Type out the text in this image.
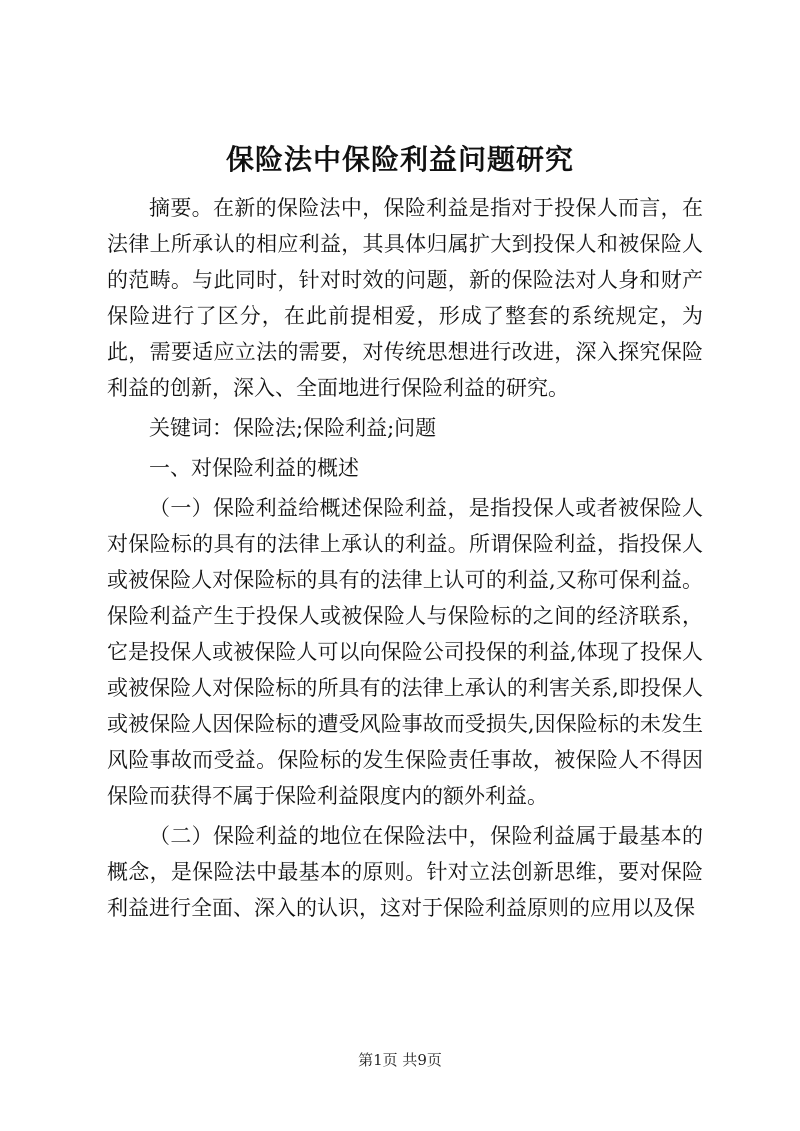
保险法中保险利益问题研究

摘要。在新的保险法中，保险利益是指对于投保人而言，在法律上所承认的相应利益，其具体归属扩大到投保人和被保险人的范畴。与此同时，针对时效的问题，新的保险法对人身和财产保险进行了区分，在此前提相爱，形成了整套的系统规定，为此，需要适应立法的需要，对传统思想进行改进，深入探究保险利益的创新，深入、全面地进行保险利益的研究。

关键词：保险法;保险利益;问题

一、对保险利益的概述

（一）保险利益给概述保险利益，是指投保人或者被保险人对保险标的具有的法律上承认的利益。所谓保险利益，指投保人或被保险人对保险标的具有的法律上认可的利益,又称可保利益。保险利益产生于投保人或被保险人与保险标的之间的经济联系，它是投保人或被保险人可以向保险公司投保的利益,体现了投保人或被保险人对保险标的所具有的法律上承认的利害关系,即投保人或被保险人因保险标的遭受风险事故而受损失,因保险标的未发生风险事故而受益。保险标的发生保险责任事故，被保险人不得因保险而获得不属于保险利益限度内的额外利益。

（二）保险利益的地位在保险法中，保险利益属于最基本的概念，是保险法中最基本的原则。针对立法创新思维，要对保险利益进行全面、深入的认识，这对于保险利益原则的应用以及保

第1页 共9页
